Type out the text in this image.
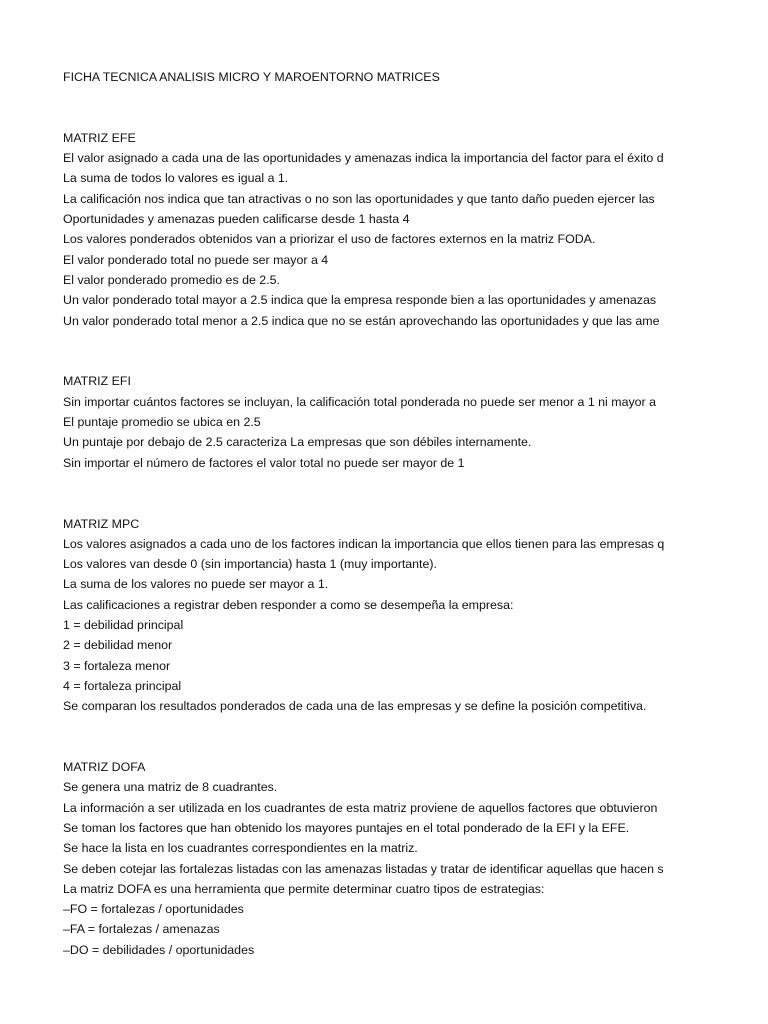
FICHA TECNICA ANALISIS MICRO Y MAROENTORNO MATRICES

MATRIZ EFE

El valor asignado a cada una de las oportunidades y amenazas indica la importancia del factor para el éxito d

La suma de todos lo valores es igual a 1.

La calificación nos indica que tan atractivas o no son las oportunidades y que tanto daño pueden ejercer las

Oportunidades y amenazas pueden calificarse desde 1 hasta 4

Los valores ponderados obtenidos van a priorizar el uso de factores externos en la matriz FODA.

El valor ponderado total no puede ser mayor a 4

El valor ponderado promedio es de 2.5.

Un valor ponderado total mayor a 2.5 indica que la empresa responde bien a las oportunidades y amenazas

Un valor ponderado total menor a 2.5 indica que no se están aprovechando las oportunidades y que las ame

MATRIZ EFI

Sin importar cuántos factores se incluyan, la calificación total ponderada no puede ser menor a 1 ni mayor a

El puntaje promedio se ubica en 2.5

Un puntaje por debajo de 2.5 caracteriza La empresas que son débiles internamente.

Sin importar el número de factores el valor total no puede ser mayor de 1

MATRIZ MPC

Los valores asignados a cada uno de los factores indican la importancia que ellos tienen para las empresas q

Los valores van desde 0 (sin importancia) hasta 1 (muy importante).

La suma de los valores no puede ser mayor a 1.

Las calificaciones a registrar deben responder a como se desempeña la empresa:

1 = debilidad principal

2 = debilidad menor

3 = fortaleza menor

4 = fortaleza principal

Se comparan los resultados ponderados de cada una de las empresas y se define la posición competitiva.

MATRIZ DOFA

Se genera una matriz de 8 cuadrantes.

La información a ser utilizada en los cuadrantes de esta matriz proviene de aquellos factores que obtuvieron

Se toman los factores que han obtenido los mayores puntajes en el total ponderado de la EFI y la EFE.

Se hace la lista en los cuadrantes correspondientes en la matriz.

Se deben cotejar las fortalezas listadas con las amenazas listadas y tratar de identificar aquellas que hacen s

La matriz DOFA es una herramienta que permite determinar cuatro tipos de estrategias:

–FO = fortalezas / oportunidades

–FA = fortalezas / amenazas

–DO = debilidades / oportunidades
